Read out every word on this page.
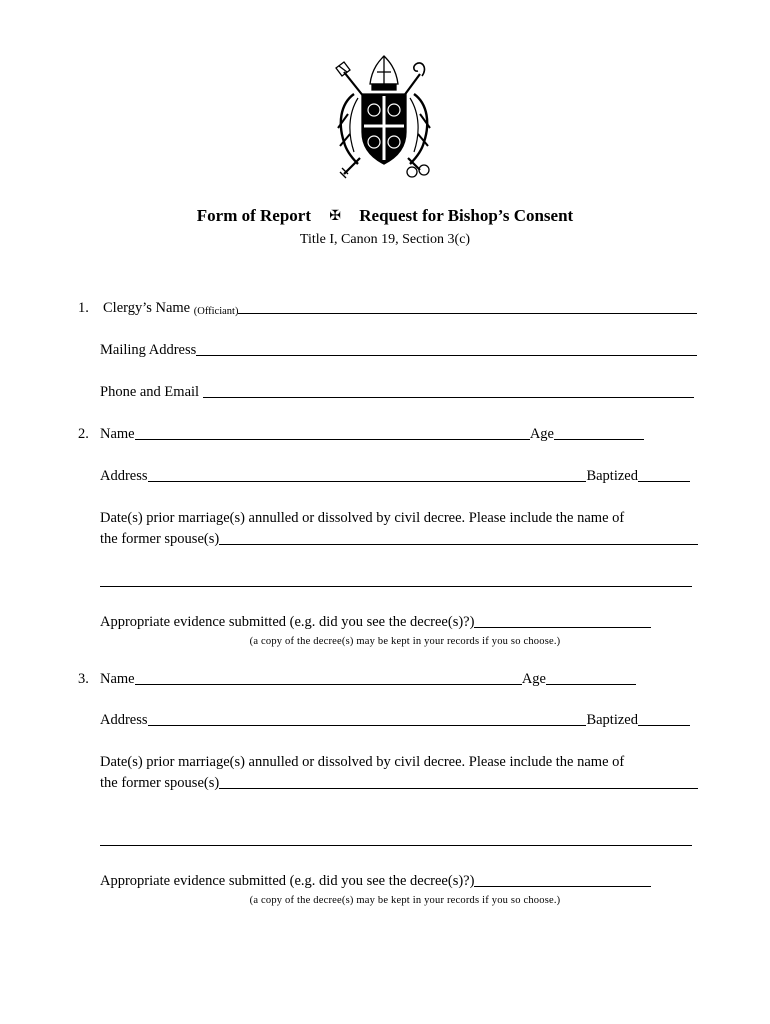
Form of Report ✠ Request for Bishop’s Consent
Title I, Canon 19, Section 3(c)
1. Clergy’s Name
(Officiant)
Mailing Address
Phone and Email

2. Name	Age
Address	Baptized
Date(s) prior marriage(s) annulled or dissolved by civil decree. Please include the name of
the former spouse(s)
Appropriate evidence submitted (e.g. did you see the decree(s)?)
(a copy of the decree(s) may be kept in your records if you so choose.)
3. Name	Age
Address	Baptized
Date(s) prior marriage(s) annulled or dissolved by civil decree. Please include the name of
the former spouse(s)
Appropriate evidence submitted (e.g. did you see the decree(s)?)
(a copy of the decree(s) may be kept in your records if you so choose.)
